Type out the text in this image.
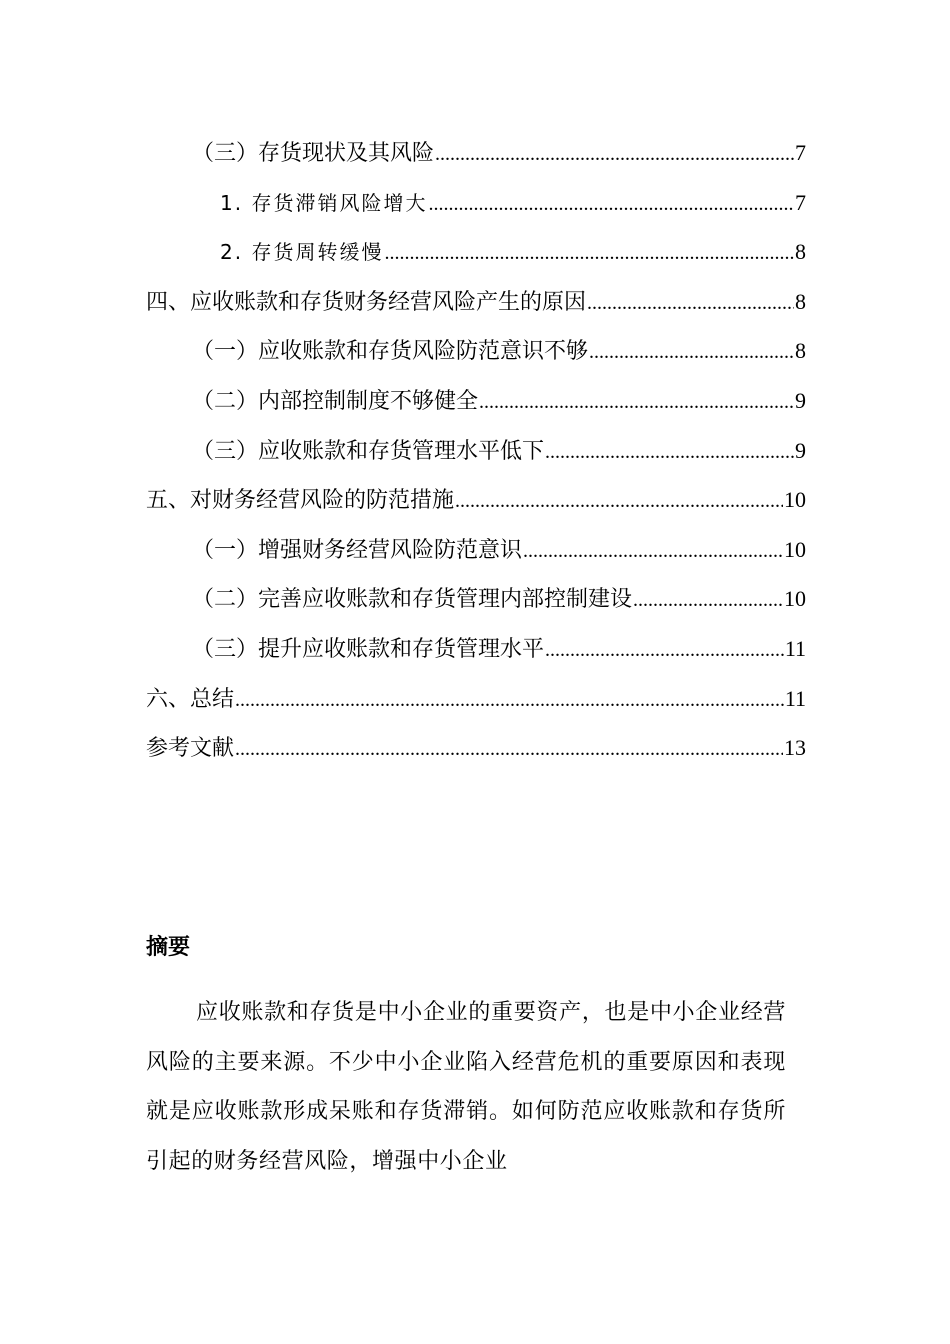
（三）存货现状及其风险 .....	7
1. 存货滞销风险增大 .....	7
2. 存货周转缓慢 .....	8
四、应收账款和存货财务经营风险产生的原因 .....	8
（一）应收账款和存货风险防范意识不够 .....	8
（二）内部控制制度不够健全 .....	9
（三）应收账款和存货管理水平低下 .....	9
五、对财务经营风险的防范措施 .....	10
（一）增强财务经营风险防范意识 .....	10
（二）完善应收账款和存货管理内部控制建设 .....	10
（三）提升应收账款和存货管理水平 .....	11
六、总结 .....	11
参考文献 .....	13
摘要
应收账款和存货是中小企业的重要资产，也是中小企业经营风险的主要来源。不少中小企业陷入经营危机的重要原因和表现就是应收账款形成呆账和存货滞销。如何防范应收账款和存货所引起的财务经营风险，增强中小企业
